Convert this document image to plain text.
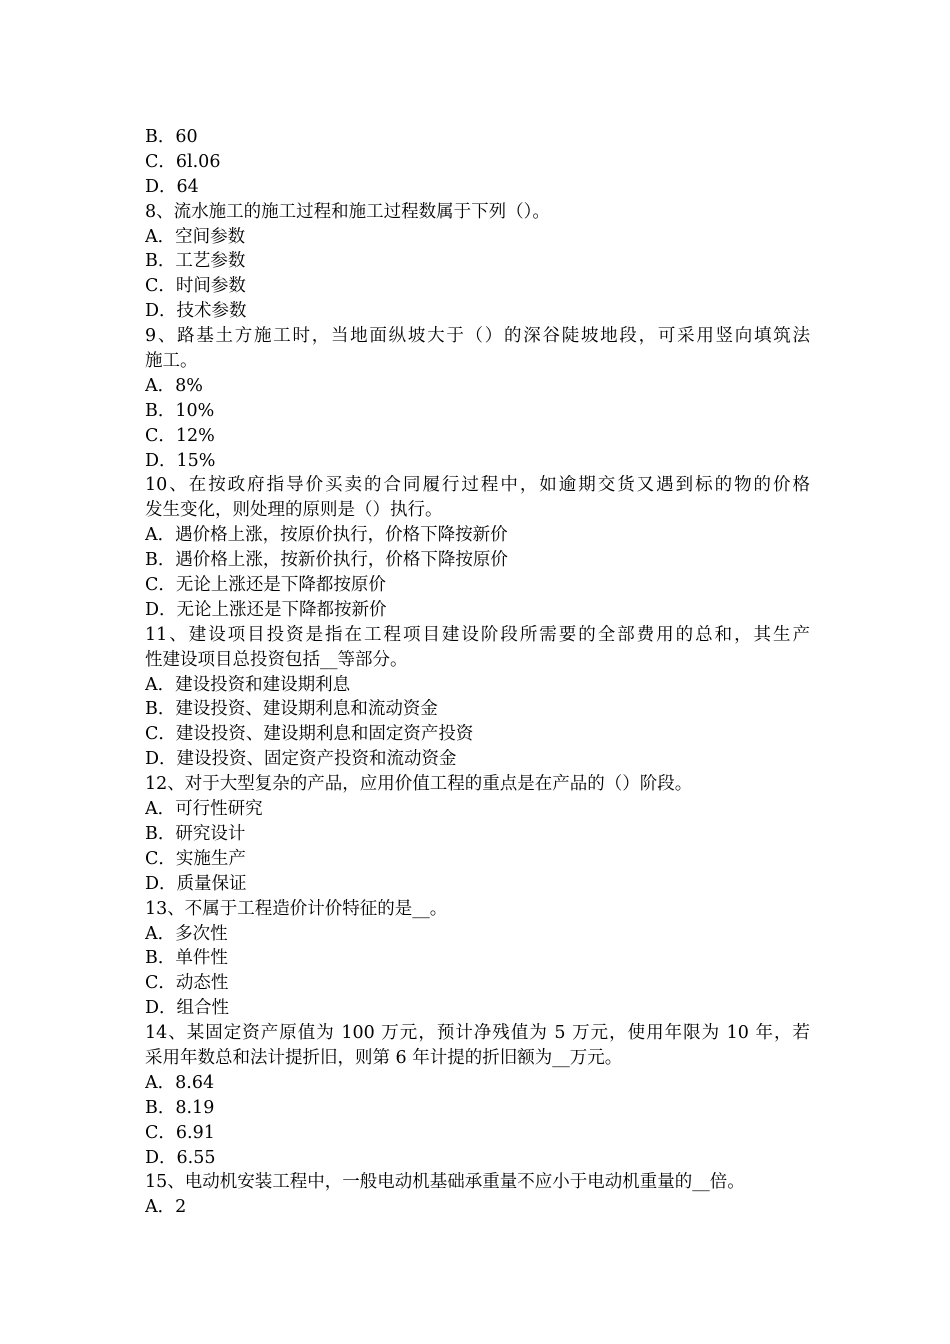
B．60
C．6l.06
D．64
8、流水施工的施工过程和施工过程数属于下列（）。
A．空间参数
B．工艺参数
C．时间参数
D．技术参数
9、路基土方施工时，当地面纵坡大于（）的深谷陡坡地段，可采用竖向填筑法
施工。
A．8%
B．10%
C．12%
D．15%
10、在按政府指导价买卖的合同履行过程中，如逾期交货又遇到标的物的价格
发生变化，则处理的原则是（）执行。
A．遇价格上涨，按原价执行，价格下降按新价
B．遇价格上涨，按新价执行，价格下降按原价
C．无论上涨还是下降都按原价
D．无论上涨还是下降都按新价
11、建设项目投资是指在工程项目建设阶段所需要的全部费用的总和，其生产
性建设项目总投资包括__等部分。
A．建设投资和建设期利息
B．建设投资、建设期利息和流动资金
C．建设投资、建设期利息和固定资产投资
D．建设投资、固定资产投资和流动资金
12、对于大型复杂的产品，应用价值工程的重点是在产品的（）阶段。
A．可行性研究
B．研究设计
C．实施生产
D．质量保证
13、不属于工程造价计价特征的是__。
A．多次性
B．单件性
C．动态性
D．组合性
14、某固定资产原值为 100 万元，预计净残值为 5 万元，使用年限为 10 年，若
采用年数总和法计提折旧，则第 6 年计提的折旧额为__万元。
A．8.64
B．8.19
C．6.91
D．6.55
15、电动机安装工程中，一般电动机基础承重量不应小于电动机重量的__倍。
A．2
